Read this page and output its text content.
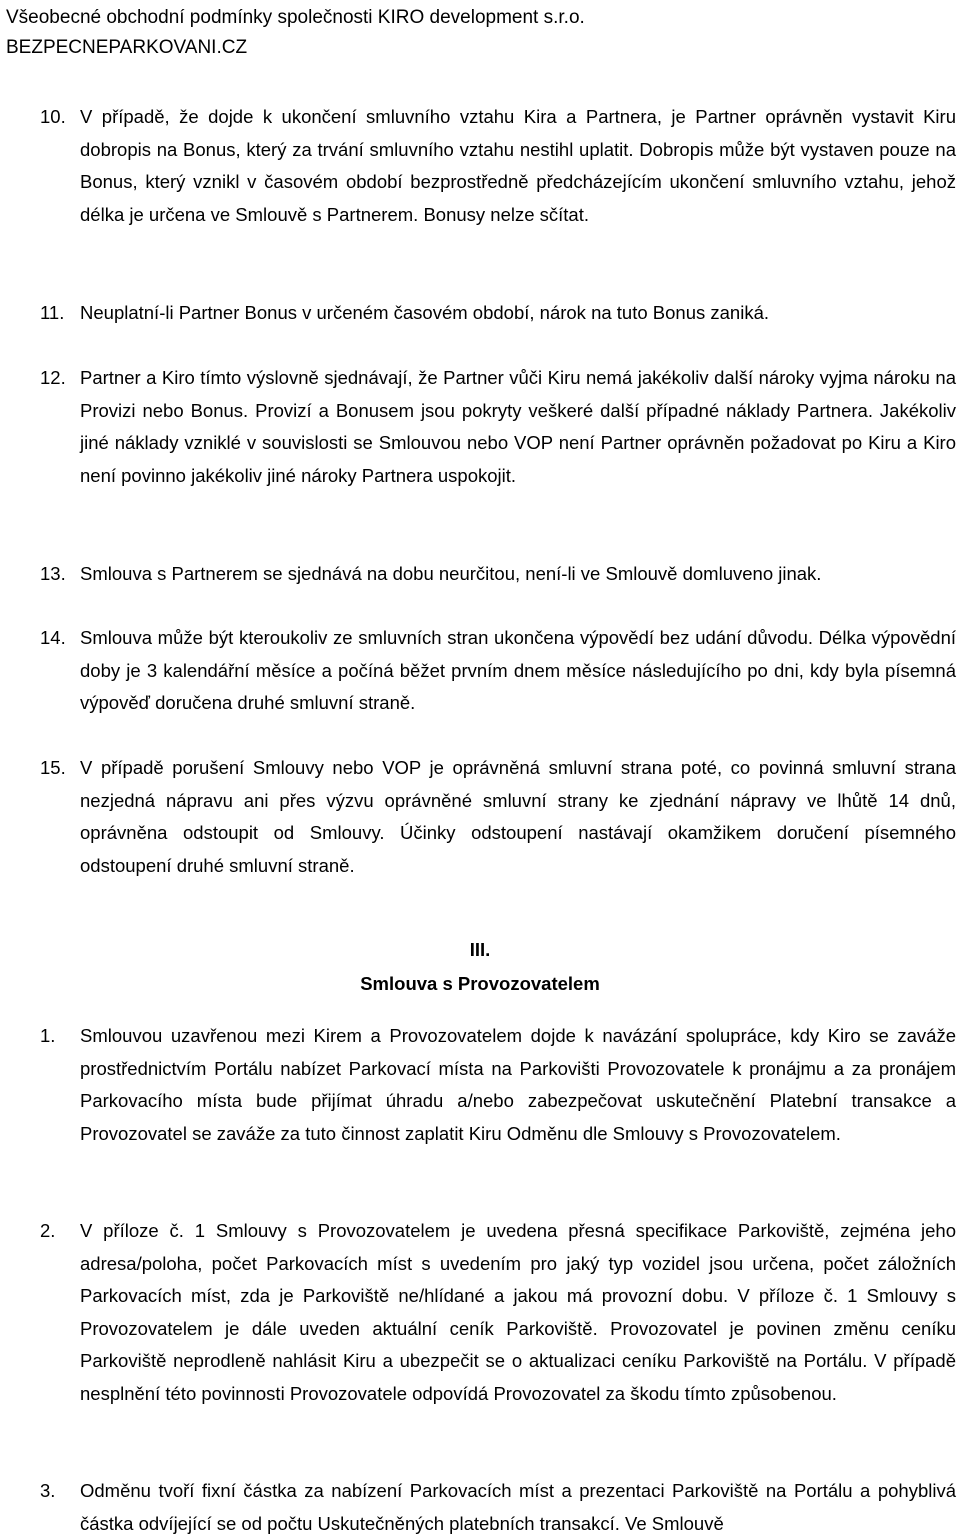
Všeobecné obchodní podmínky společnosti KIRO development s.r.o.
BEZPECNEPARKOVANI.CZ
10. V případě, že dojde k ukončení smluvního vztahu Kira a Partnera, je Partner oprávněn vystavit Kiru dobropis na Bonus, který za trvání smluvního vztahu nestihl uplatit. Dobropis může být vystaven pouze na Bonus, který vznikl v časovém období bezprostředně předcházejícím ukončení smluvního vztahu, jehož délka je určena ve Smlouvě s Partnerem. Bonusy nelze sčítat.
11. Neuplatní-li Partner Bonus v určeném časovém období, nárok na tuto Bonus zaniká.
12. Partner a Kiro tímto výslovně sjednávají, že Partner vůči Kiru nemá jakékoliv další nároky vyjma nároku na Provizi nebo Bonus. Provizí a Bonusem jsou pokryty veškeré další případné náklady Partnera. Jakékoliv jiné náklady vzniklé v souvislosti se Smlouvou nebo VOP není Partner oprávněn požadovat po Kiru a Kiro není povinno jakékoliv jiné nároky Partnera uspokojit.
13. Smlouva s Partnerem se sjednává na dobu neurčitou, není-li ve Smlouvě domluveno jinak.
14. Smlouva může být kteroukoliv ze smluvních stran ukončena výpovědí bez udání důvodu. Délka výpovědní doby je 3 kalendářní měsíce a počíná běžet prvním dnem měsíce následujícího po dni, kdy byla písemná výpověď doručena druhé smluvní straně.
15. V případě porušení Smlouvy nebo VOP je oprávněná smluvní strana poté, co povinná smluvní strana nezjedná nápravu ani přes výzvu oprávněné smluvní strany ke zjednání nápravy ve lhůtě 14 dnů, oprávněna odstoupit od Smlouvy. Účinky odstoupení nastávají okamžikem doručení písemného odstoupení druhé smluvní straně.
III.
Smlouva s Provozovatelem
1.	Smlouvou uzavřenou mezi Kirem a Provozovatelem dojde k navázání spolupráce, kdy Kiro se zaváže prostřednictvím Portálu nabízet Parkovací místa na Parkovišti Provozovatele k pronájmu a za pronájem Parkovacího místa bude přijímat úhradu a/nebo zabezpečovat uskutečnění Platební transakce a Provozovatel se zaváže za tuto činnost zaplatit Kiru Odměnu dle Smlouvy s Provozovatelem.
2.	V příloze č. 1 Smlouvy s Provozovatelem je uvedena přesná specifikace Parkoviště, zejména jeho adresa/poloha, počet Parkovacích míst s uvedením pro jaký typ vozidel jsou určena, počet záložních Parkovacích míst, zda je Parkoviště ne/hlídané a jakou má provozní dobu. V příloze č. 1 Smlouvy s Provozovatelem je dále uveden aktuální ceník Parkoviště. Provozovatel je povinen změnu ceníku Parkoviště neprodleně nahlásit Kiru a ubezpečit se o aktualizaci ceníku Parkoviště na Portálu. V případě nesplnění této povinnosti Provozovatele odpovídá Provozovatel za škodu tímto způsobenou.
3.	Odměnu tvoří fixní částka za nabízení Parkovacích míst a prezentaci Parkoviště na Portálu a pohyblivá částka odvíjející se od počtu Uskutečněných platebních transakcí. Ve Smlouvě
